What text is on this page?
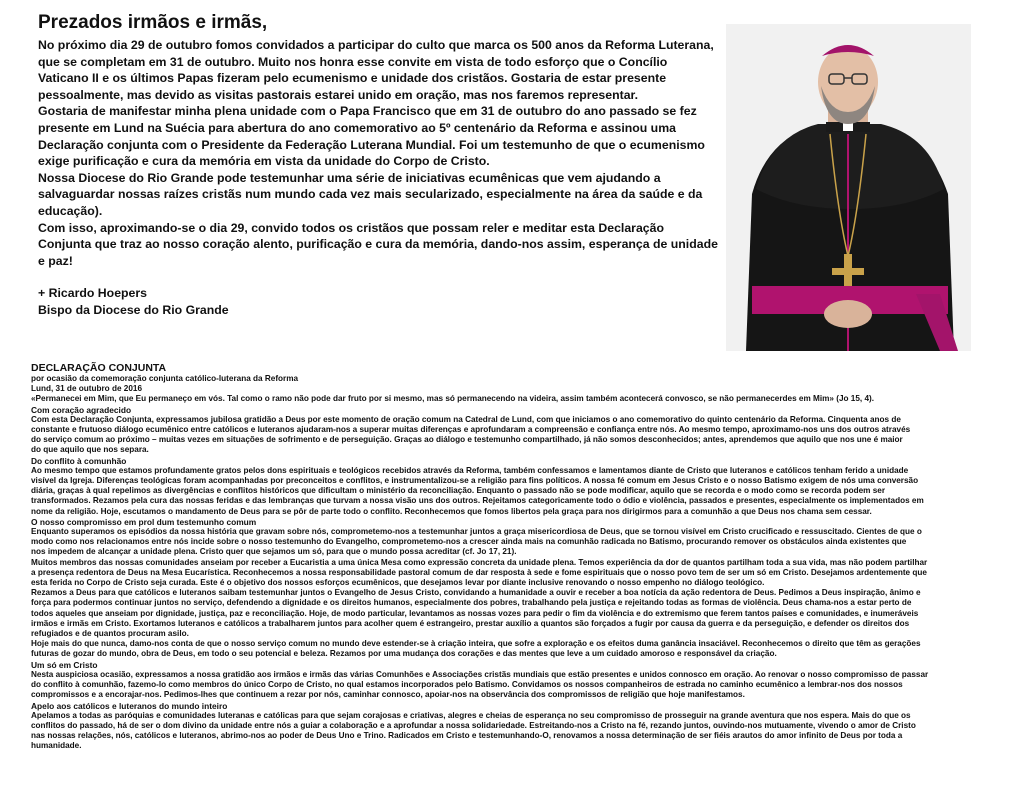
Prezados irmãos e irmãs,

No próximo dia 29 de outubro fomos convidados a participar do culto que marca os 500 anos da Reforma Luterana, que se completam em 31 de outubro. Muito nos honra esse convite em vista de todo esforço que o Concílio Vaticano II e os últimos Papas fizeram pelo ecumenismo e unidade dos cristãos. Gostaria de estar presente pessoalmente, mas devido as visitas pastorais estarei unido em oração, mas nos faremos representar.

Gostaria de manifestar minha plena unidade com o Papa Francisco que em 31 de outubro do ano passado se fez presente em Lund na Suécia para abertura do ano comemorativo ao 5º centenário da Reforma e assinou uma Declaração conjunta com o Presidente da Federação Luterana Mundial. Foi um testemunho de que o ecumenismo exige purificação e cura da memória em vista da unidade do Corpo de Cristo.

Nossa Diocese do Rio Grande pode testemunhar uma série de iniciativas ecumênicas que vem ajudando a salvaguardar nossas raízes cristãs num mundo cada vez mais secularizado, especialmente na área da saúde e da educação).

Com isso, aproximando-se o dia 29, convido todos os cristãos que possam reler e meditar esta Declaração Conjunta que traz ao nosso coração alento, purificação e cura da memória, dando-nos assim, esperança de unidade e paz!

+ Ricardo Hoepers
Bispo da Diocese do Rio Grande
DECLARAÇÃO CONJUNTA

por ocasião da comemoração conjunta católico-luterana da Reforma

Lund, 31 de outubro de 2016

«Permanecei em Mim, que Eu permaneço em vós. Tal como o ramo não pode dar fruto por si mesmo, mas só permanecendo na videira, assim também acontecerá convosco, se não permanecerdes em Mim» (Jo 15, 4).

Com coração agradecido

Com esta Declaração Conjunta, expressamos jubilosa gratidão a Deus por este momento de oração comum na Catedral de Lund, com que iniciamos o ano comemorativo do quinto centenário da Reforma. Cinquenta anos de

constante e frutuoso diálogo ecumênico entre católicos e luteranos ajudaram-nos a superar muitas diferenças e aprofundaram a compreensão e confiança entre nós. Ao mesmo tempo, aproximamo-nos uns dos outros através

do serviço comum ao próximo – muitas vezes em situações de sofrimento e de perseguição. Graças ao diálogo e testemunho compartilhado, já não somos desconhecidos; antes, aprendemos que aquilo que nos une é maior

do que aquilo que nos separa.

Do conflito à comunhão

Ao mesmo tempo que estamos profundamente gratos pelos dons espirituais e teológicos recebidos através da Reforma, também confessamos e lamentamos diante de Cristo que luteranos e católicos tenham ferido a unidade

visível da Igreja. Diferenças teológicas foram acompanhadas por preconceitos e conflitos, e instrumentalizou-se a religião para fins políticos. A nossa fé comum em Jesus Cristo e o nosso Batismo exigem de nós uma conversão

diária, graças à qual repelimos as divergências e conflitos históricos que dificultam o ministério da reconciliação. Enquanto o passado não se pode modificar, aquilo que se recorda e o modo como se recorda podem ser

transformados. Rezamos pela cura das nossas feridas e das lembranças que turvam a nossa visão uns dos outros. Rejeitamos categoricamente todo o ódio e violência, passados e presentes, especialmente os implementados em

nome da religião. Hoje, escutamos o mandamento de Deus para se pôr de parte todo o conflito. Reconhecemos que fomos libertos pela graça para nos dirigirmos para a comunhão a que Deus nos chama sem cessar.

O nosso compromisso em prol dum testemunho comum

Enquanto superamos os episódios da nossa história que gravam sobre nós, comprometemo-nos a testemunhar juntos a graça misericordiosa de Deus, que se tornou visível em Cristo crucificado e ressuscitado. Cientes de que o

modo como nos relacionamos entre nós incide sobre o nosso testemunho do Evangelho, comprometemo-nos a crescer ainda mais na comunhão radicada no Batismo, procurando remover os obstáculos ainda existentes que

nos impedem de alcançar a unidade plena. Cristo quer que sejamos um só, para que o mundo possa acreditar (cf. Jo 17, 21).

Muitos membros das nossas comunidades anseiam por receber a Eucaristia a uma única Mesa como expressão concreta da unidade plena. Temos experiência da dor de quantos partilham toda a sua vida, mas não podem partilhar

a presença redentora de Deus na Mesa Eucarística. Reconhecemos a nossa responsabilidade pastoral comum de dar resposta à sede e fome espirituais que o nosso povo tem de ser um só em Cristo. Desejamos ardentemente que

esta ferida no Corpo de Cristo seja curada. Este é o objetivo dos nossos esforços ecumênicos, que desejamos levar por diante inclusive renovando o nosso empenho no diálogo teológico.

Rezamos a Deus para que católicos e luteranos saibam testemunhar juntos o Evangelho de Jesus Cristo, convidando a humanidade a ouvir e receber a boa notícia da ação redentora de Deus. Pedimos a Deus inspiração, ânimo e

força para podermos continuar juntos no serviço, defendendo a dignidade e os direitos humanos, especialmente dos pobres, trabalhando pela justiça e rejeitando todas as formas de violência. Deus chama-nos a estar perto de

todos aqueles que anseiam por dignidade, justiça, paz e reconciliação. Hoje, de modo particular, levantamos as nossas vozes para pedir o fim da violência e do extremismo que ferem tantos países e comunidades, e inumeráveis

irmãos e irmãs em Cristo. Exortamos luteranos e católicos a trabalharem juntos para acolher quem é estrangeiro, prestar auxílio a quantos são forçados a fugir por causa da guerra e da perseguição, e defender os direitos dos

refugiados e de quantos procuram asilo.

Hoje mais do que nunca, damo-nos conta de que o nosso serviço comum no mundo deve estender-se à criação inteira, que sofre a exploração e os efeitos duma ganância insaciável. Reconhecemos o direito que têm as gerações

futuras de gozar do mundo, obra de Deus, em todo o seu potencial e beleza. Rezamos por uma mudança dos corações e das mentes que leve a um cuidado amoroso e responsável da criação.

Um só em Cristo

Nesta auspiciosa ocasião, expressamos a nossa gratidão aos irmãos e irmãs das várias Comunhões e Associações cristãs mundiais que estão presentes e unidos connosco em oração. Ao renovar o nosso compromisso de passar

do conflito à comunhão, fazemo-lo como membros do único Corpo de Cristo, no qual estamos incorporados pelo Batismo. Convidamos os nossos companheiros de estrada no caminho ecumênico a lembrar-nos dos nossos

compromissos e a encorajar-nos. Pedimos-lhes que continuem a rezar por nós, caminhar connosco, apoiar-nos na observância dos compromissos de religião que hoje manifestamos.

Apelo aos católicos e luteranos do mundo inteiro

Apelamos a todas as paróquias e comunidades luteranas e católicas para que sejam corajosas e criativas, alegres e cheias de esperança no seu compromisso de prosseguir na grande aventura que nos espera. Mais do que os

conflitos do passado, há de ser o dom divino da unidade entre nós a guiar a colaboração e a aprofundar a nossa solidariedade. Estreitando-nos a Cristo na fé, rezando juntos, ouvindo-nos mutuamente, vivendo o amor de Cristo

nas nossas relações, nós, católicos e luteranos, abrimo-nos ao poder de Deus Uno e Trino. Radicados em Cristo e testemunhando-O, renovamos a nossa determinação de ser fiéis arautos do amor infinito de Deus por toda a

humanidade.
